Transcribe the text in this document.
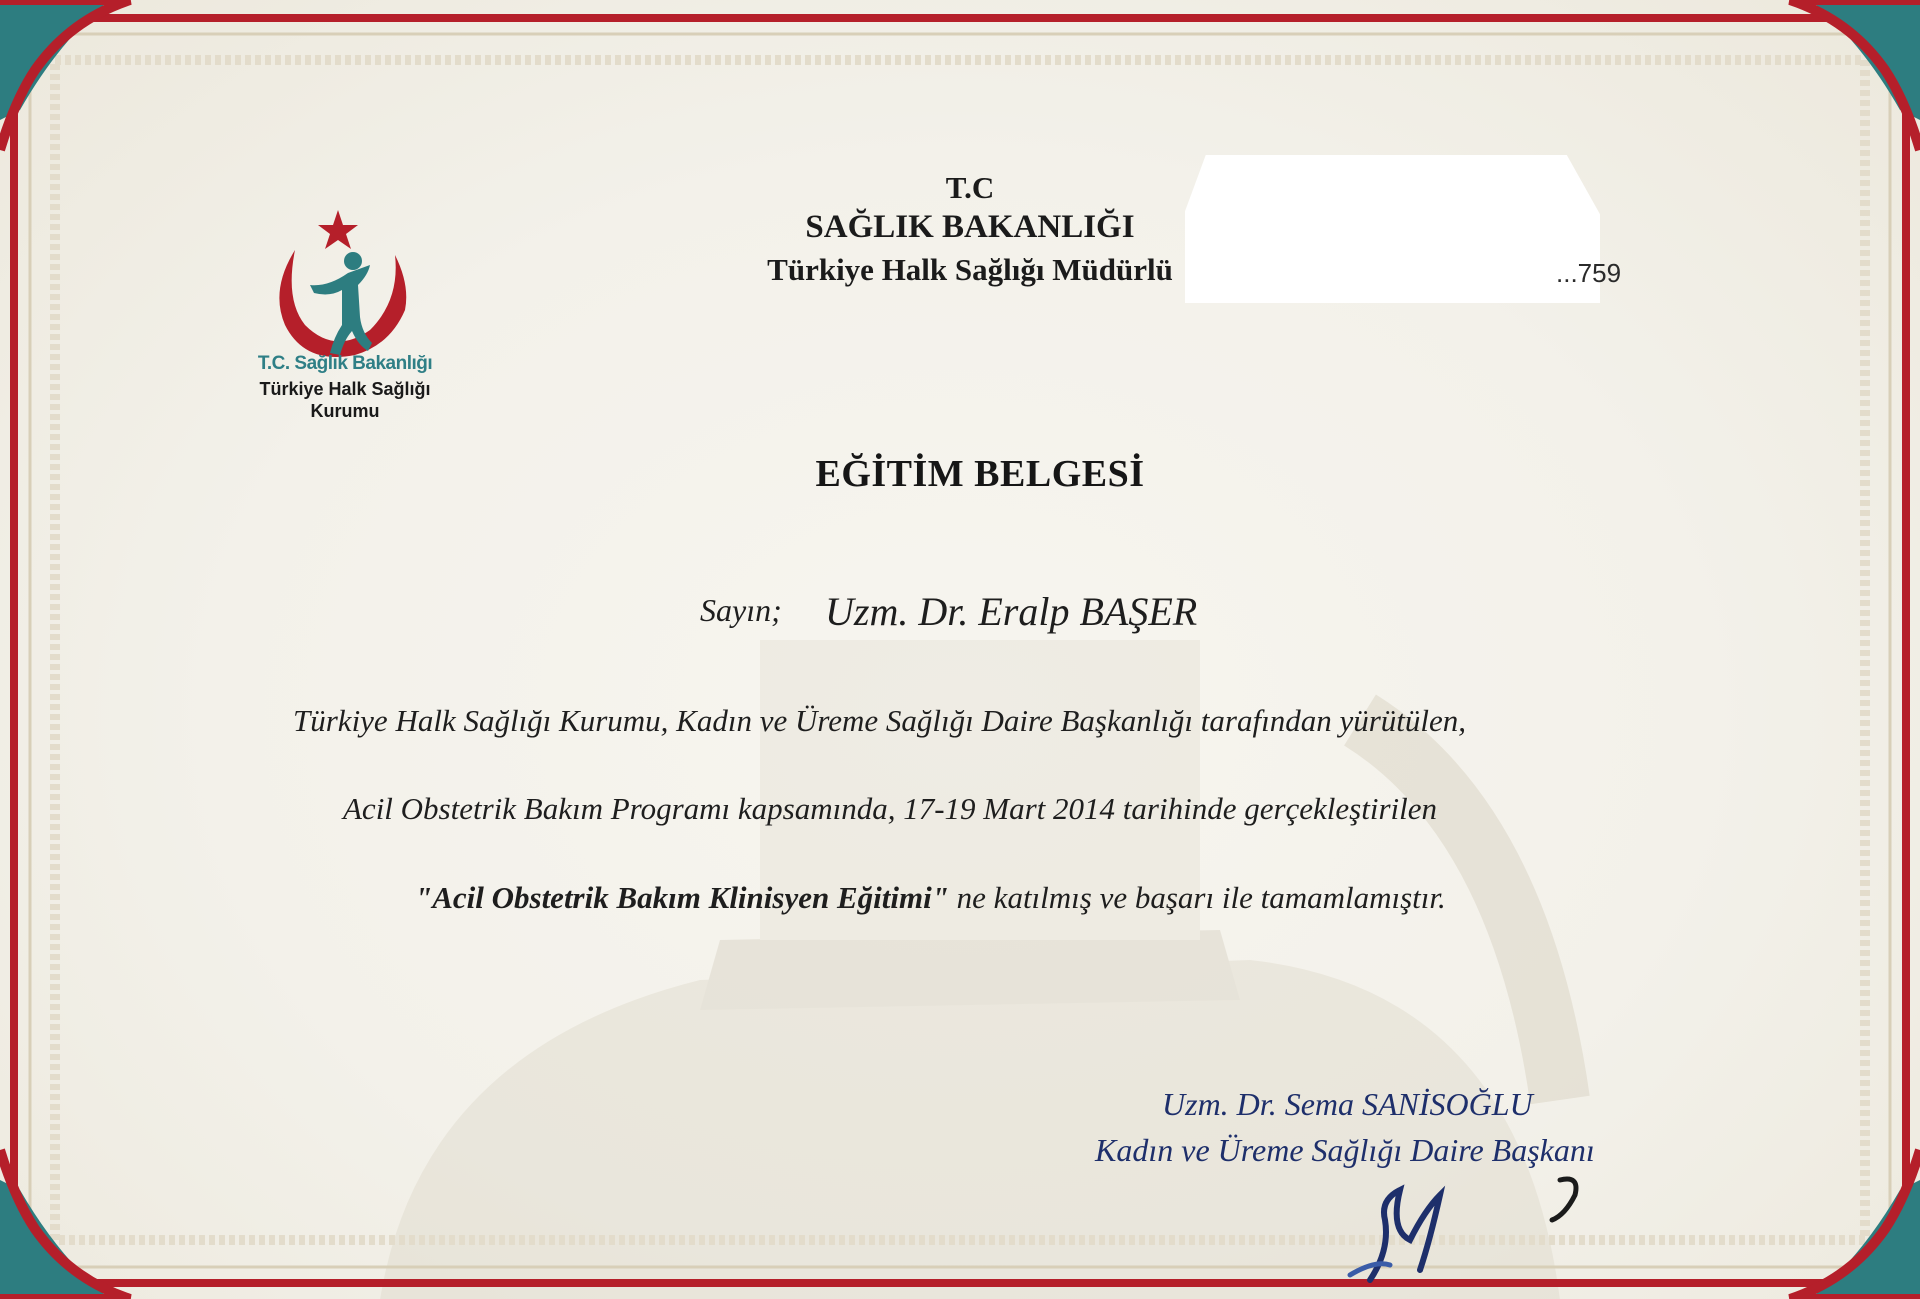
T.C. Sağlık Bakanlığı
Türkiye Halk Sağlığı
Kurumu
T.C
SAĞLIK BAKANLIĞI
Türkiye Halk Sağlığı Müdürlü	...759
EĞİTİM BELGESİ
Sayın; Uzm. Dr. Eralp BAŞER
Türkiye Halk Sağlığı Kurumu, Kadın ve Üreme Sağlığı Daire Başkanlığı tarafından yürütülen,
Acil Obstetrik Bakım Programı kapsamında, 17-19 Mart 2014 tarihinde gerçekleştirilen
"Acil Obstetrik Bakım Klinisyen Eğitimi" ne katılmış ve başarı ile tamamlamıştır.
Uzm. Dr. Sema SANİSOĞLU
Kadın ve Üreme Sağlığı Daire Başkanı
